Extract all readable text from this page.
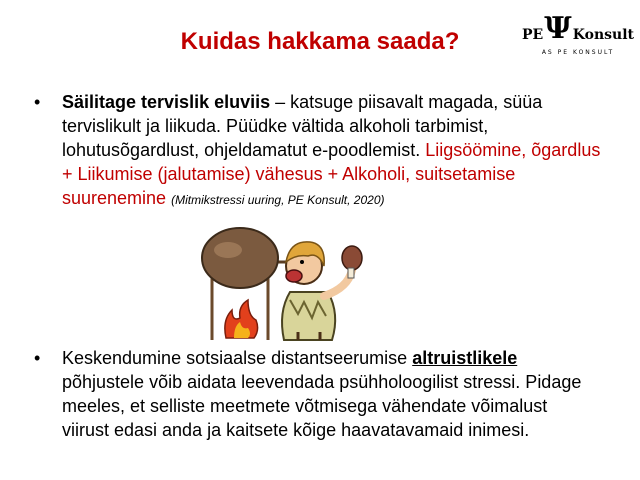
Kuidas hakkama saada?	PE Ψ Konsult
AS PE KONSULT
• Säilitage tervislik eluviis – katsuge piisavalt magada, süüa tervislikult ja liikuda. Püüdke vältida alkoholi tarbimist, lohutusõgardlust, ohjeldamatut e-poodlemist. Liigsöömine, õgardlus + Liikumise (jalutamise) vähesus + Alkoholi, suitsetamise suurenemine (Mitmikstressi uuring, PE Konsult, 2020)
• Keskendumine sotsiaalse distantseerumise altruistlikele põhjustele võib aidata leevendada psühholoogilist stressi. Pidage meeles, et selliste meetmete võtmisega vähendate võimalust viirust edasi anda ja kaitsete kõige haavatavamaid inimesi.
